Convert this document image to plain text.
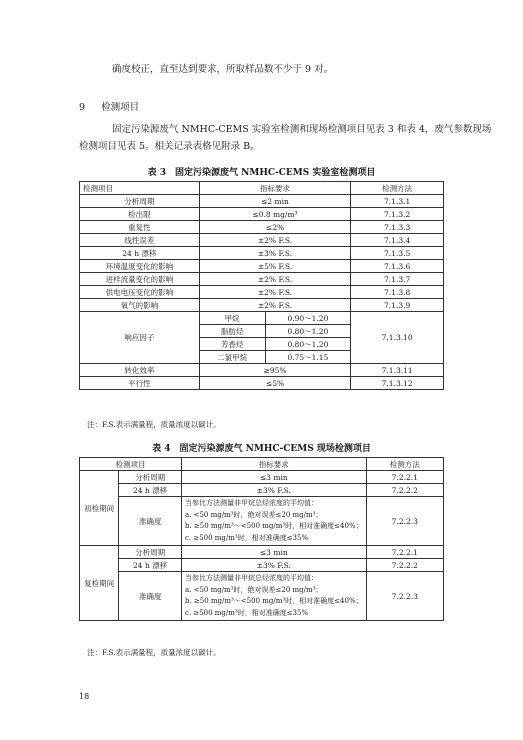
确度校正，直至达到要求，所取样品数不少于 9 对。
9 检测项目
固定污染源废气 NMHC-CEMS 实验室检测和现场检测项目见表 3 和表 4，废气参数现场
检测项目见表 5。相关记录表格见附录 B。
表 3　固定污染源废气 NMHC-CEMS 实验室检测项目
检测项目	指标要求		检测方法
分析周期	≤2 min		7.1.3.1
检出限	≤0.8 mg/m³		7.1.3.2
重复性	≤2%		7.1.3.3
线性误差	±2% F.S.		7.1.3.4
24 h 漂移	±3% F.S.		7.1.3.5
环境温度变化的影响	±5% F.S.		7.1.3.6
进样流量变化的影响	±2% F.S.		7.1.3.7
供电电压变化的影响	±2% F.S.		7.1.3.8
氧气的影响	±2% F.S.		7.1.3.9
响应因子	甲烷	0.90～1.20	7.1.3.10
	脂肪烃	0.80～1.20	
	芳香烃	0.80～1.20	
	二氯甲烷	0.75～1.15	
转化效率	≥95%		7.1.3.11
平行性	≤5%		7.1.3.12
注：F.S.表示满量程，质量浓度以碳计。
表 4　固定污染源废气 NMHC-CEMS 现场检测项目
检测项目		指标要求	检测方法
初检期间	分析周期	≤3 min	7.2.2.1
	24 h 漂移	±3% F.S.	7.2.2.2
	准确度	当参比方法测量非甲烷总烃浓度的平均值：
a. <50 mg/m³时，绝对误差≤20 mg/m³；
b. ≥50 mg/m³～<500 mg/m³时，相对准确度≤40%；
c. ≥500 mg/m³时，相对准确度≤35%	7.2.2.3
复检期间	分析周期	≤3 min	7.2.2.1
	24 h 漂移	±3% F.S.	7.2.2.2
	准确度	当参比方法测量非甲烷总烃浓度的平均值：
a. <50 mg/m³时，绝对误差≤20 mg/m³；
b. ≥50 mg/m³～<500 mg/m³时，相对准确度≤40%；
c. ≥500 mg/m³时，相对准确度≤35%	7.2.2.3
注：F.S.表示满量程，质量浓度以碳计。
18
